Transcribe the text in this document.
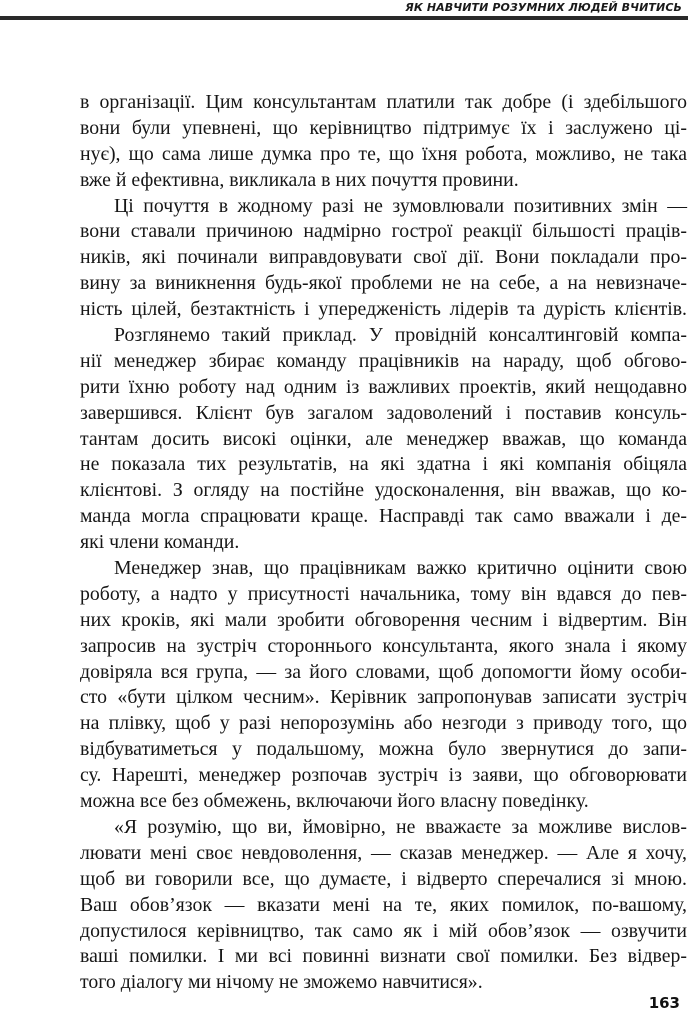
ЯК НАВЧИТИ РОЗУМНИХ ЛЮДЕЙ ВЧИТИСЬ
в організації. Цим консультантам платили так добре (і здебільшого
вони були упевнені, що керівництво підтримує їх і заслужено ці-
нує), що сама лише думка про те, що їхня робота, можливо, не така
вже й ефективна, викликала в них почуття провини.
Ці почуття в жодному разі не зумовлювали позитивних змін —
вони ставали причиною надмірно гострої реакції більшості праців-
ників, які починали виправдовувати свої дії. Вони покладали про-
вину за виникнення будь-якої проблеми не на себе, а на невизначе-
ність цілей, безтактність і упередженість лідерів та дурість клієнтів.
Розглянемо такий приклад. У провідній консалтинговій компа-
нії менеджер збирає команду працівників на нараду, щоб обгово-
рити їхню роботу над одним із важливих проектів, який нещодавно
завершився. Клієнт був загалом задоволений і поставив консуль-
тантам досить високі оцінки, але менеджер вважав, що команда
не показала тих результатів, на які здатна і які компанія обіцяла
клієнтові. З огляду на постійне удосконалення, він вважав, що ко-
манда могла спрацювати краще. Насправді так само вважали і де-
які члени команди.
Менеджер знав, що працівникам важко критично оцінити свою
роботу, а надто у присутності начальника, тому він вдався до пев-
них кроків, які мали зробити обговорення чесним і відвертим. Він
запросив на зустріч стороннього консультанта, якого знала і якому
довіряла вся група, — за його словами, щоб допомогти йому особи-
сто «бути цілком чесним». Керівник запропонував записати зустріч
на плівку, щоб у разі непорозумінь або незгоди з приводу того, що
відбуватиметься у подальшому, можна було звернутися до запи-
су. Нарешті, менеджер розпочав зустріч із заяви, що обговорювати
можна все без обмежень, включаючи його власну поведінку.
«Я розумію, що ви, ймовірно, не вважаєте за можливе вислов-
лювати мені своє невдоволення, — сказав менеджер. — Але я хочу,
щоб ви говорили все, що думаєте, і відверто сперечалися зі мною.
Ваш обов’язок — вказати мені на те, яких помилок, по-вашому,
допустилося керівництво, так само як і мій обов’язок — озвучити
ваші помилки. І ми всі повинні визнати свої помилки. Без відвер-
того діалогу ми нічому не зможемо навчитися».
163
